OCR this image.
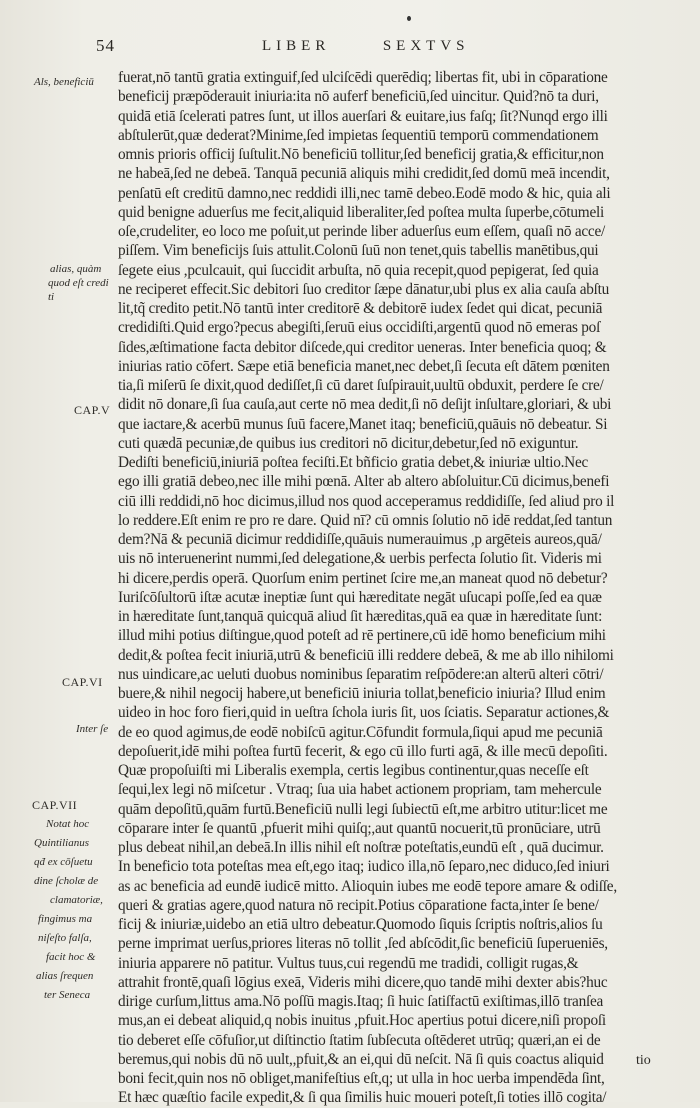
54	LIBER      SEXTVS
Als, beneficiū
alias, quàm
quod eſt credi
ti
CAP.V
CAP.VI
Inter ſe
CAP.VII
Notat hoc
Quintilianus
qđ ex cōſuetu
dine ſcholæ de
clamatoriæ,
fingimus ma
niſeſto falſa,
facit hoc &
alias ſrequen
ter Seneca
fuerat,nō tantū gratia extinguif,ſed ulciſcēdi querēdiq; libertas fit, ubi in cōparatione
beneficij præpōderauit iniuria:ita nō auferf beneficiū,ſed uincitur. Quid?nō ta duri,
quidā etiā ſcelerati patres ſunt, ut illos auerſari & euitare,ius faſq; ſit?Nunqd ergo illi
abſtulerūt,quæ dederat?Minime,ſed impietas ſequentiū temporū commendationem
omnis prioris officij ſuſtulit.Nō beneficiū tollitur,ſed beneficij gratia,& efficitur,non
ne habeā,ſed ne debeā. Tanquā pecuniā aliquis mihi credidit,ſed domū meā incendit,
penſatū eſt creditū damno,nec reddidi illi,nec tamē debeo.Eodē modo & hic, quia ali
quid benigne aduerſus me fecit,aliquid liberaliter,ſed poſtea multa ſuperbe,cōtumeli
oſe,crudeliter, eo loco me poſuit,ut perinde liber aduerſus eum eſſem, quaſi nō acce/
piſſem. Vim beneficijs ſuis attulit.Colonū ſuū non tenet,quis tabellis manētibus,qui
ſegete eius ,pculcauit, qui ſuccidit arbuſta, nō quia recepit,quod pepigerat, ſed quia
ne reciperet effecit.Sic debitori ſuo creditor ſæpe dānatur,ubi plus ex alia cauſa abſtu
lit,tq̃ credito petit.Nō tantū inter creditorē & debitorē iudex ſedet qui dicat, pecuniā
credidiſti.Quid ergo?pecus abegiſti,ſeruū eius occidiſti,argentū quod nō emeras poſ
ſides,æſtimatione facta debitor diſcede,qui creditor ueneras. Inter beneficia quoq; &
iniurias ratio cōfert. Sæpe etiā beneficia manet,nec debet,ſi ſecuta eſt dātem pœniten
tia,ſi miſerū ſe dixit,quod dediſſet,ſi cū daret ſuſpirauit,uultū obduxit, perdere ſe cre/
didit nō donare,ſi ſua cauſa,aut certe nō mea dedit,ſi nō deſijt inſultare,gloriari, & ubi
que iactare,& acerbū munus ſuū facere,Manet itaq; beneficiū,quāuis nō debeatur. Si
cuti quædā pecuniæ,de quibus ius creditori nō dicitur,debetur,ſed nō exiguntur.
Dediſti beneficiū,iniuriā poſtea feciſti.Et bñficio gratia debet,& iniuriæ ultio.Nec
ego illi gratiā debeo,nec ille mihi pœnā. Alter ab altero abſoluitur.Cū dicimus,benefi
ciū illi reddidi,nō hoc dicimus,illud nos quod acceperamus reddidiſſe, ſed aliud pro il
lo reddere.Eſt enim re pro re dare. Quid nī? cū omnis ſolutio nō idē reddat,ſed tantun
dem?Nā & pecuniā dicimur reddidiſſe,quāuis numerauimus ,p argēteis aureos,quā/
uis nō interuenerint nummi,ſed delegatione,& uerbis perfecta ſolutio ſit. Videris mi
hi dicere,perdis operā. Quorſum enim pertinet ſcire me,an maneat quod nō debetur?
Iuriſcōſultorū iſtæ acutæ ineptiæ ſunt qui hæreditate negāt uſucapi poſſe,ſed ea quæ
in hæreditate ſunt,tanquā quicquā aliud ſit hæreditas,quā ea quæ in hæreditate ſunt:
illud mihi potius diſtingue,quod poteſt ad rē pertinere,cū idē homo beneficium mihi
dedit,& poſtea fecit iniuriā,utrū & beneficiū illi reddere debeā, & me ab illo nihilomi
nus uindicare,ac ueluti duobus nominibus ſeparatim reſpōdere:an alterū alteri cōtri/
buere,& nihil negocij habere,ut beneficiū iniuria tollat,beneficio iniuria? Illud enim
uideo in hoc foro fieri,quid in ueſtra ſchola iuris ſit, uos ſciatis. Separatur actiones,&
de eo quod agimus,de eodē nobiſcū agitur.Cōfundit formula,ſiqui apud me pecuniā
depoſuerit,idē mihi poſtea furtū fecerit, & ego cū illo furti agā, & ille mecū depoſiti.
Quæ propoſuiſti mi Liberalis exempla, certis legibus continentur,quas neceſſe eſt
ſequi,lex legi nō miſcetur . Vtraq; ſua uia habet actionem propriam, tam mehercule
quām depoſitū,quām furtū.Beneficiū nulli legi ſubiectū eſt,me arbitro utitur:licet me
cōparare inter ſe quantū ,pfuerit mihi quiſq;,aut quantū nocuerit,tū pronūciare, utrū
plus debeat nihil,an debeā.In illis nihil eſt noſtræ poteſtatis,eundū eſt , quā ducimur.
In beneficio tota poteſtas mea eſt,ego itaq; iudico illa,nō ſeparo,nec diduco,ſed iniuri
as ac beneficia ad eundē iudicē mitto. Alioquin iubes me eodē tepore amare & odiſſe,
queri & gratias agere,quod natura nō recipit.Potius cōparatione facta,inter ſe bene/
ficij & iniuriæ,uidebo an etiā ultro debeatur.Quomodo ſiquis ſcriptis noſtris,alios ſu
perne imprimat uerſus,priores literas nō tollit ,ſed abſcōdit,ſic beneficiū ſuperueniēs,
iniuria apparere nō patitur. Vultus tuus,cui regendū me tradidi, colligit rugas,&
attrahit frontē,quaſi lōgius exeā, Videris mihi dicere,quo tandē mihi dexter abis?huc
dirige curſum,littus ama.Nō poſſū magis.Itaq; ſi huic ſatiſfactū exiſtimas,illō tranſea
mus,an ei debeat aliquid,q nobis inuitus ,pfuit.Hoc apertius potui dicere,niſi propoſi
tio deberet eſſe cōfuſior,ut diſtinctio ſtatim ſubſecuta oſtēderet utrūq; quæri,an ei de
beremus,qui nobis dū nō uult,,pfuit,& an ei,qui dū neſcit. Nā ſi quis coactus aliquid
boni fecit,quin nos nō obliget,manifeſtius eſt,q; ut ulla in hoc uerba impendēda ſint,
Et hæc quæſtio facile expedit,& ſi qua ſimilis huic moueri poteſt,ſi toties illō cogita/
tio
